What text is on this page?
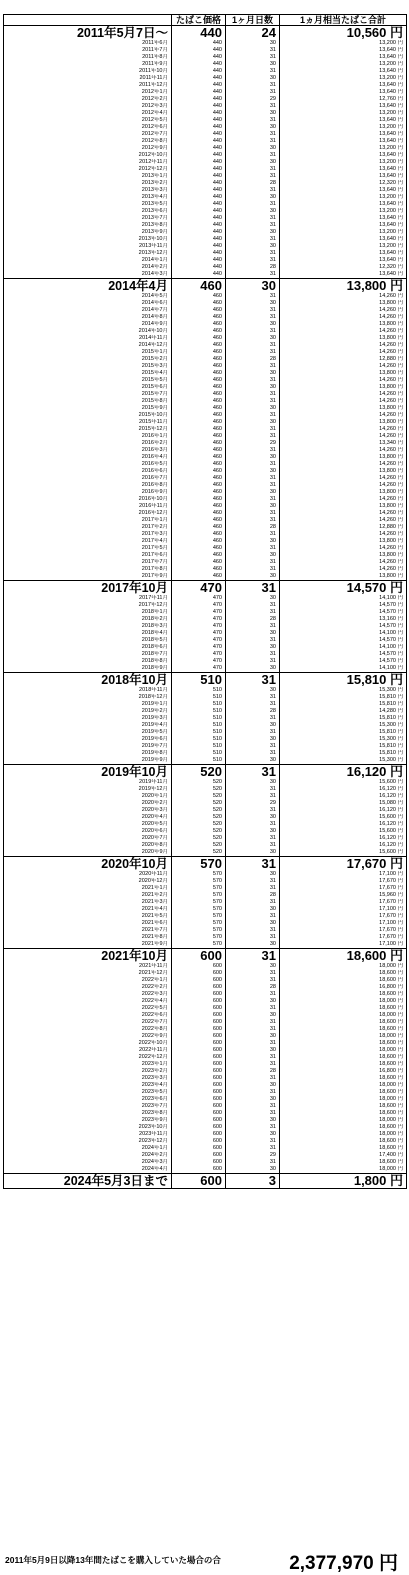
	たばこ価格	1ヶ月日数	1ヵ月相当たばこ合計
2011年5月7日～	440	24	10,560 円
2011年6月	440	30	13,200 円
2011年7月	440	31	13,640 円
2011年8月	440	31	13,640 円
2011年9月	440	30	13,200 円
2011年10月	440	31	13,640 円
2011年11月	440	30	13,200 円
2011年12月	440	31	13,640 円
2012年1月	440	31	13,640 円
2012年2月	440	29	12,760 円
2012年3月	440	31	13,640 円
2012年4月	440	30	13,200 円
2012年5月	440	31	13,640 円
2012年6月	440	30	13,200 円
2012年7月	440	31	13,640 円
2012年8月	440	31	13,640 円
2012年9月	440	30	13,200 円
2012年10月	440	31	13,640 円
2012年11月	440	30	13,200 円
2012年12月	440	31	13,640 円
2013年1月	440	31	13,640 円
2013年2月	440	28	12,320 円
2013年3月	440	31	13,640 円
2013年4月	440	30	13,200 円
2013年5月	440	31	13,640 円
2013年6月	440	30	13,200 円
2013年7月	440	31	13,640 円
2013年8月	440	31	13,640 円
2013年9月	440	30	13,200 円
2013年10月	440	31	13,640 円
2013年11月	440	30	13,200 円
2013年12月	440	31	13,640 円
2014年1月	440	31	13,640 円
2014年2月	440	28	12,320 円
2014年3月	440	31	13,640 円
2014年4月	460	30	13,800 円
2014年5月	460	31	14,260 円
2014年6月	460	30	13,800 円
2014年7月	460	31	14,260 円
2014年8月	460	31	14,260 円
2014年9月	460	30	13,800 円
2014年10月	460	31	14,260 円
2014年11月	460	30	13,800 円
2014年12月	460	31	14,260 円
2015年1月	460	31	14,260 円
2015年2月	460	28	12,880 円
2015年3月	460	31	14,260 円
2015年4月	460	30	13,800 円
2015年5月	460	31	14,260 円
2015年6月	460	30	13,800 円
2015年7月	460	31	14,260 円
2015年8月	460	31	14,260 円
2015年9月	460	30	13,800 円
2015年10月	460	31	14,260 円
2015年11月	460	30	13,800 円
2015年12月	460	31	14,260 円
2016年1月	460	31	14,260 円
2016年2月	460	29	13,340 円
2016年3月	460	31	14,260 円
2016年4月	460	30	13,800 円
2016年5月	460	31	14,260 円
2016年6月	460	30	13,800 円
2016年7月	460	31	14,260 円
2016年8月	460	31	14,260 円
2016年9月	460	30	13,800 円
2016年10月	460	31	14,260 円
2016年11月	460	30	13,800 円
2016年12月	460	31	14,260 円
2017年1月	460	31	14,260 円
2017年2月	460	28	12,880 円
2017年3月	460	31	14,260 円
2017年4月	460	30	13,800 円
2017年5月	460	31	14,260 円
2017年6月	460	30	13,800 円
2017年7月	460	31	14,260 円
2017年8月	460	31	14,260 円
2017年9月	460	30	13,800 円
2017年10月	470	31	14,570 円
2017年11月	470	30	14,100 円
2017年12月	470	31	14,570 円
2018年1月	470	31	14,570 円
2018年2月	470	28	13,160 円
2018年3月	470	31	14,570 円
2018年4月	470	30	14,100 円
2018年5月	470	31	14,570 円
2018年6月	470	30	14,100 円
2018年7月	470	31	14,570 円
2018年8月	470	31	14,570 円
2018年9月	470	30	14,100 円
2018年10月	510	31	15,810 円
2018年11月	510	30	15,300 円
2018年12月	510	31	15,810 円
2019年1月	510	31	15,810 円
2019年2月	510	28	14,280 円
2019年3月	510	31	15,810 円
2019年4月	510	30	15,300 円
2019年5月	510	31	15,810 円
2019年6月	510	30	15,300 円
2019年7月	510	31	15,810 円
2019年8月	510	31	15,810 円
2019年9月	510	30	15,300 円
2019年10月	520	31	16,120 円
2019年11月	520	30	15,600 円
2019年12月	520	31	16,120 円
2020年1月	520	31	16,120 円
2020年2月	520	29	15,080 円
2020年3月	520	31	16,120 円
2020年4月	520	30	15,600 円
2020年5月	520	31	16,120 円
2020年6月	520	30	15,600 円
2020年7月	520	31	16,120 円
2020年8月	520	31	16,120 円
2020年9月	520	30	15,600 円
2020年10月	570	31	17,670 円
2020年11月	570	30	17,100 円
2020年12月	570	31	17,670 円
2021年1月	570	31	17,670 円
2021年2月	570	28	15,960 円
2021年3月	570	31	17,670 円
2021年4月	570	30	17,100 円
2021年5月	570	31	17,670 円
2021年6月	570	30	17,100 円
2021年7月	570	31	17,670 円
2021年8月	570	31	17,670 円
2021年9月	570	30	17,100 円
2021年10月	600	31	18,600 円
2021年11月	600	30	18,000 円
2021年12月	600	31	18,600 円
2022年1月	600	31	18,600 円
2022年2月	600	28	16,800 円
2022年3月	600	31	18,600 円
2022年4月	600	30	18,000 円
2022年5月	600	31	18,600 円
2022年6月	600	30	18,000 円
2022年7月	600	31	18,600 円
2022年8月	600	31	18,600 円
2022年9月	600	30	18,000 円
2022年10月	600	31	18,600 円
2022年11月	600	30	18,000 円
2022年12月	600	31	18,600 円
2023年1月	600	31	18,600 円
2023年2月	600	28	16,800 円
2023年3月	600	31	18,600 円
2023年4月	600	30	18,000 円
2023年5月	600	31	18,600 円
2023年6月	600	30	18,000 円
2023年7月	600	31	18,600 円
2023年8月	600	31	18,600 円
2023年9月	600	30	18,000 円
2023年10月	600	31	18,600 円
2023年11月	600	30	18,000 円
2023年12月	600	31	18,600 円
2024年1月	600	31	18,600 円
2024年2月	600	29	17,400 円
2024年3月	600	31	18,600 円
2024年4月	600	30	18,000 円
2024年5月3日まで	600	3	1,800 円
2011年5月9日以降13年間たばこを購入していた場合の合	2,377,970 円
